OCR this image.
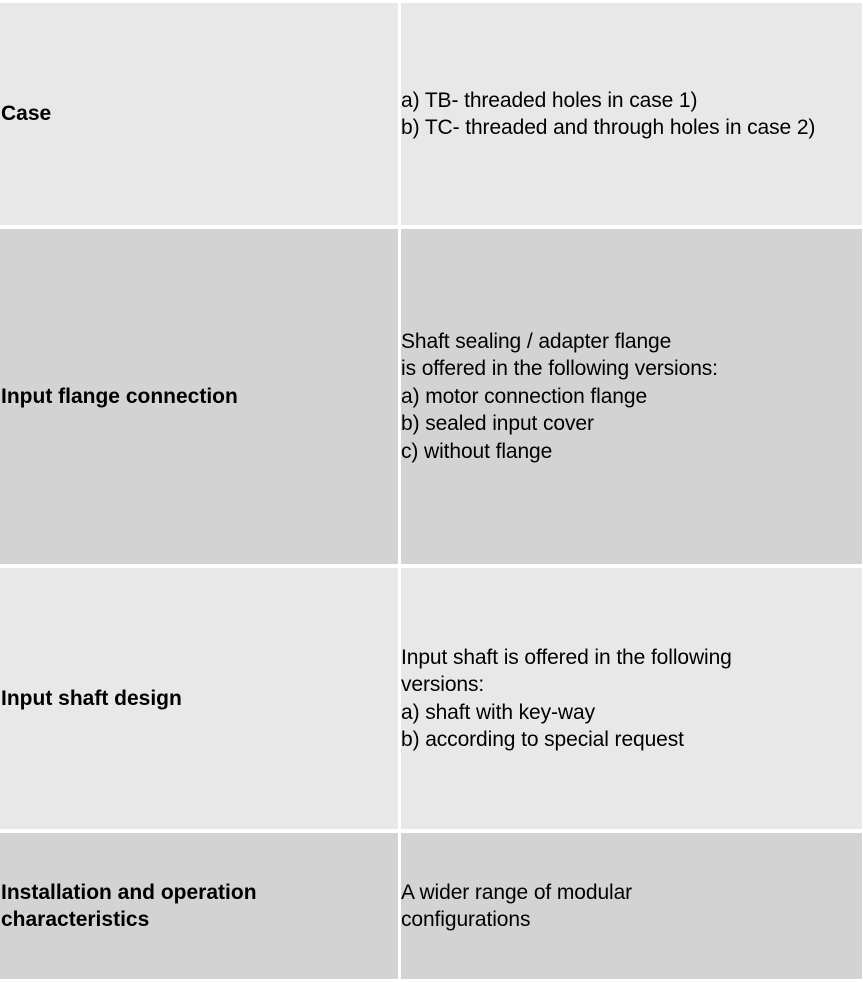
Case
a) TB- threaded holes in case 1)
b) TC- threaded and through holes in case 2)
Input flange connection
Shaft sealing / adapter flange
is offered in the following versions:
a) motor connection flange
b) sealed input cover
c) without flange
Input shaft design
Input shaft is offered in the following
versions:
a) shaft with key-way
b) according to special request
Installation and operation
characteristics
A wider range of modular
configurations
